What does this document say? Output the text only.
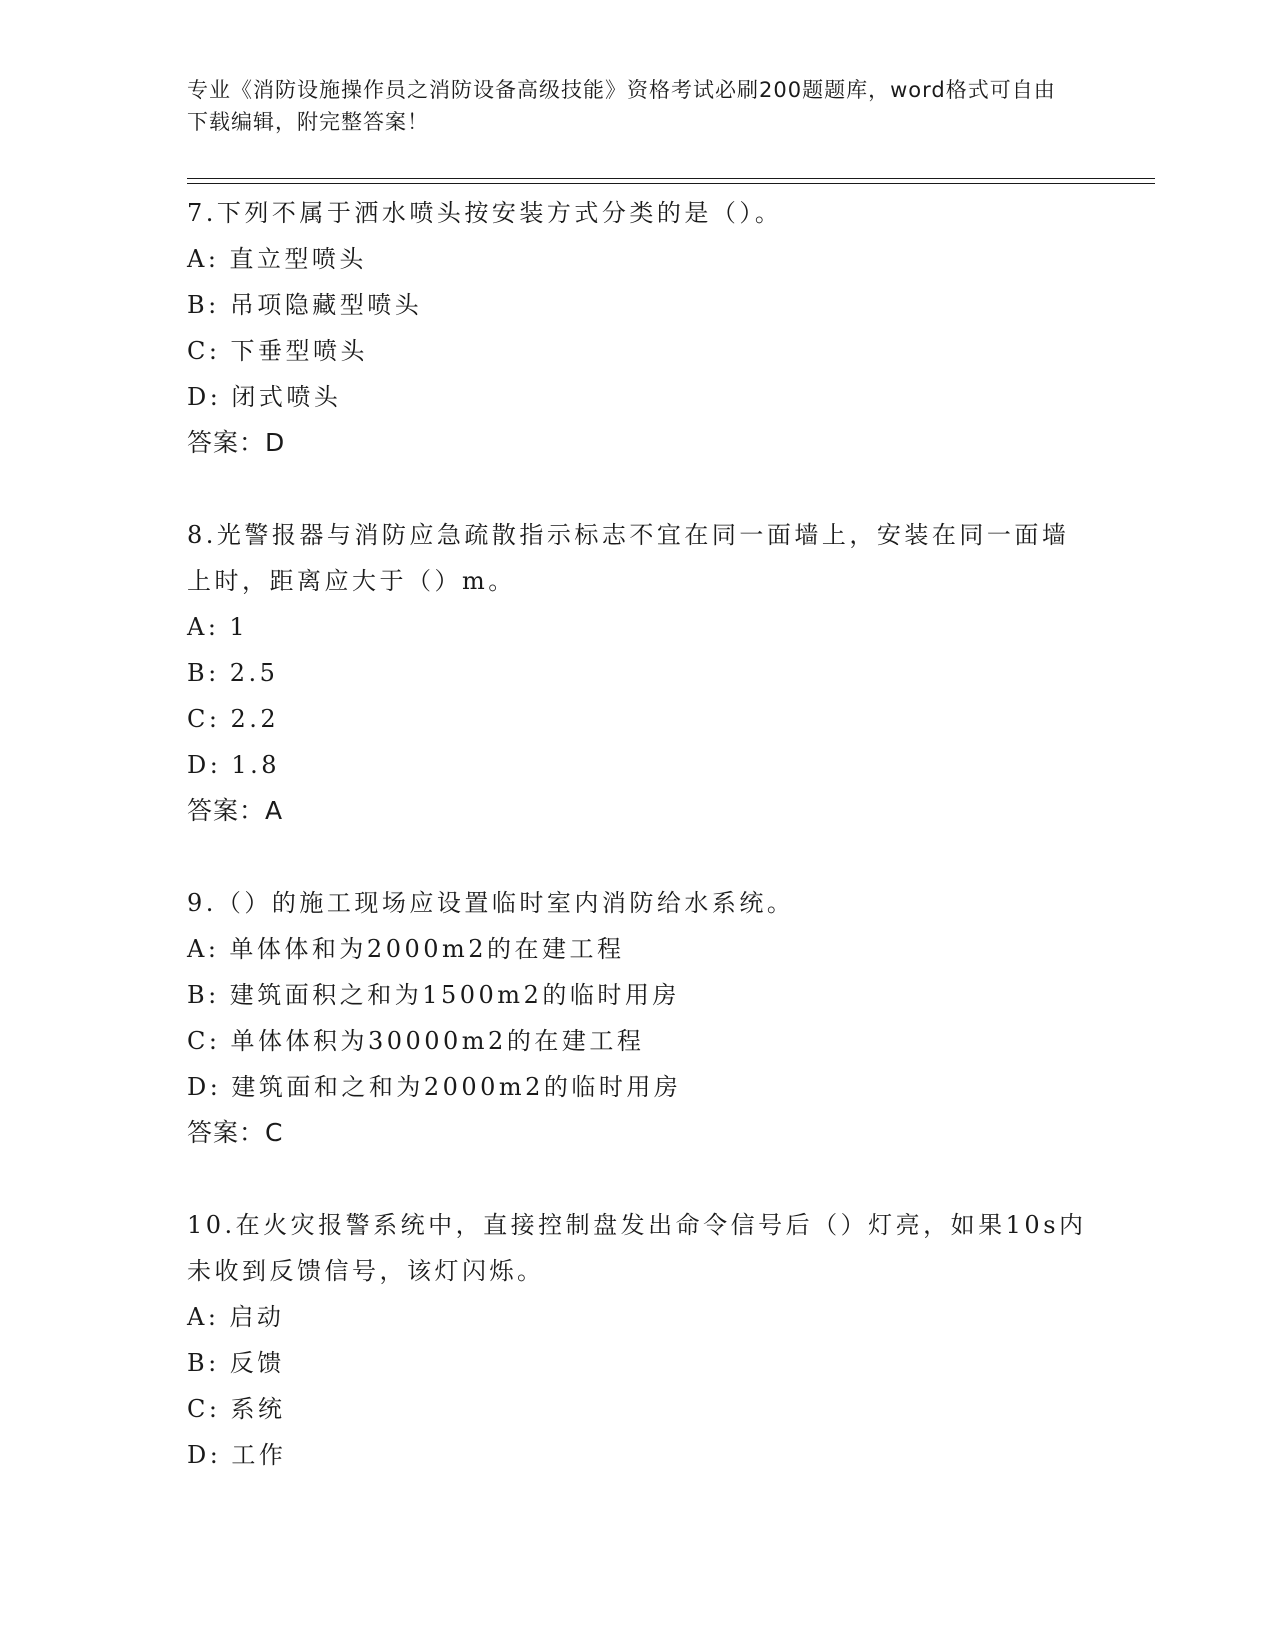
专业《消防设施操作员之消防设备高级技能》资格考试必刷200题题库，word格式可自由下载编辑，附完整答案！
7.下列不属于洒水喷头按安装方式分类的是（）。
A: 直立型喷头
B: 吊项隐藏型喷头
C: 下垂型喷头
D: 闭式喷头
答案：D
8.光警报器与消防应急疏散指示标志不宜在同一面墙上，安装在同一面墙上时，距离应大于（）m。
A: 1
B: 2.5
C: 2.2
D: 1.8
答案：A
9.（）的施工现场应设置临时室内消防给水系统。
A: 单体体和为2000m2的在建工程
B: 建筑面积之和为1500m2的临时用房
C: 单体体积为30000m2的在建工程
D: 建筑面和之和为2000m2的临时用房
答案：C
10.在火灾报警系统中，直接控制盘发出命令信号后（）灯亮，如果10s内未收到反馈信号，该灯闪烁。
A: 启动
B: 反馈
C: 系统
D: 工作
